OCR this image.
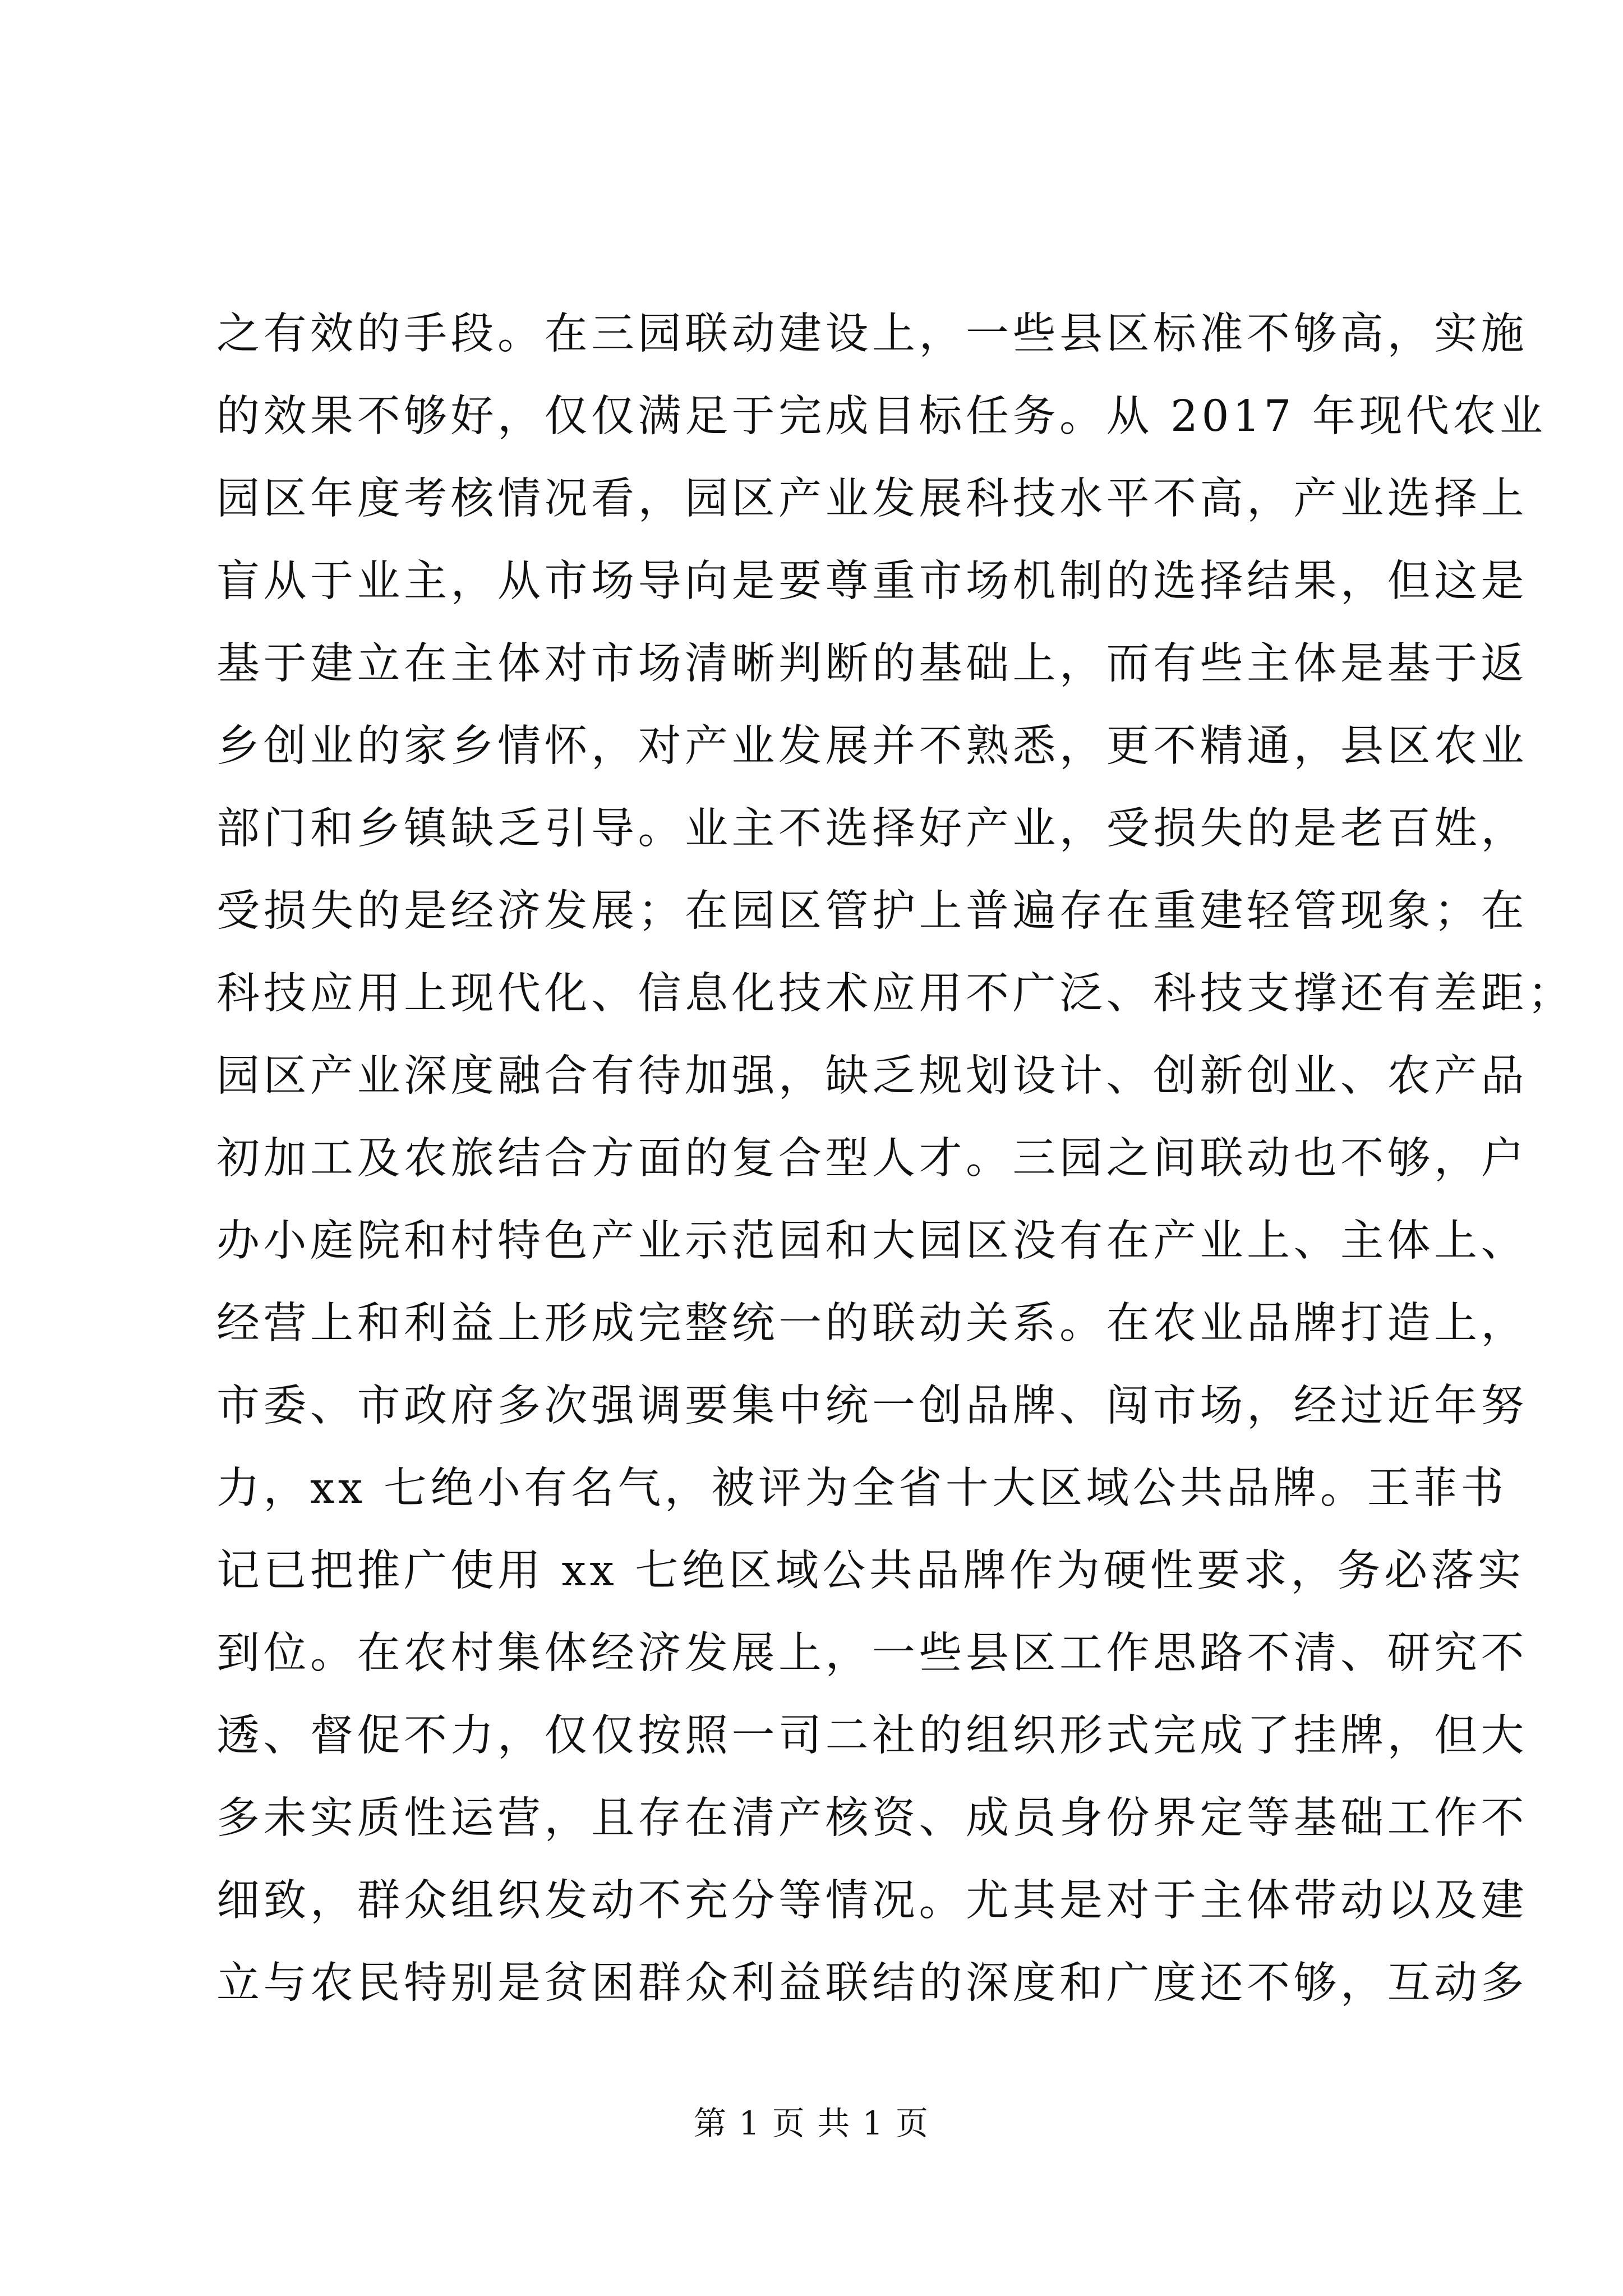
之有效的手段。在三园联动建设上，一些县区标准不够高，实施
的效果不够好，仅仅满足于完成目标任务。从 2017 年现代农业
园区年度考核情况看，园区产业发展科技水平不高，产业选择上
盲从于业主，从市场导向是要尊重市场机制的选择结果，但这是
基于建立在主体对市场清晰判断的基础上，而有些主体是基于返
乡创业的家乡情怀，对产业发展并不熟悉，更不精通，县区农业
部门和乡镇缺乏引导。业主不选择好产业，受损失的是老百姓，
受损失的是经济发展；在园区管护上普遍存在重建轻管现象；在
科技应用上现代化、信息化技术应用不广泛、科技支撑还有差距；
园区产业深度融合有待加强，缺乏规划设计、创新创业、农产品
初加工及农旅结合方面的复合型人才。三园之间联动也不够，户
办小庭院和村特色产业示范园和大园区没有在产业上、主体上、
经营上和利益上形成完整统一的联动关系。在农业品牌打造上，
市委、市政府多次强调要集中统一创品牌、闯市场，经过近年努
力，xx 七绝小有名气，被评为全省十大区域公共品牌。王菲书
记已把推广使用 xx 七绝区域公共品牌作为硬性要求，务必落实
到位。在农村集体经济发展上，一些县区工作思路不清、研究不
透、督促不力，仅仅按照一司二社的组织形式完成了挂牌，但大
多未实质性运营，且存在清产核资、成员身份界定等基础工作不
细致，群众组织发动不充分等情况。尤其是对于主体带动以及建
立与农民特别是贫困群众利益联结的深度和广度还不够，互动多
第 1 页 共 1 页
